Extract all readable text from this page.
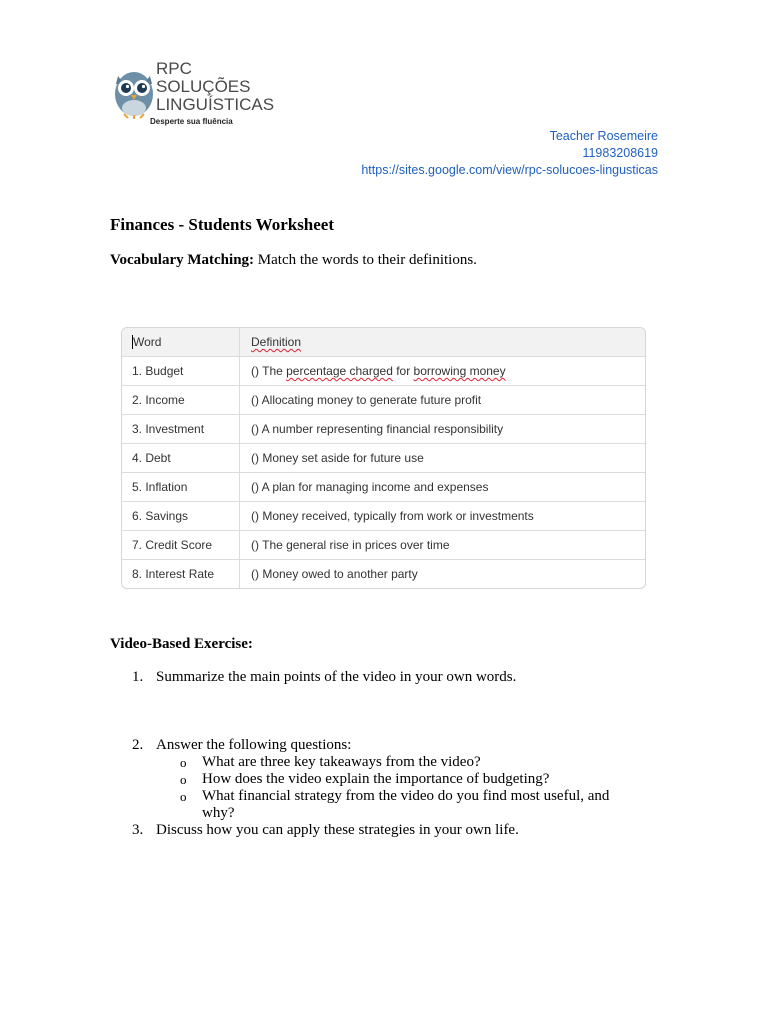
RPC
SOLUÇÕES
LINGUÍSTICAS
Desperte sua fluência
Teacher Rosemeire
11983208619
https://sites.google.com/view/rpc-solucoes-lingusticas
Finances - Students Worksheet
Vocabulary Matching: Match the words to their definitions.
Word	Definition
1. Budget	() The percentage charged for borrowing money
2. Income	() Allocating money to generate future profit
3. Investment	() A number representing financial responsibility
4. Debt	() Money set aside for future use
5. Inflation	() A plan for managing income and expenses
6. Savings	() Money received, typically from work or investments
7. Credit Score	() The general rise in prices over time
8. Interest Rate	() Money owed to another party
Video-Based Exercise:
1. Summarize the main points of the video in your own words.
2. Answer the following questions:
o What are three key takeaways from the video?
o How does the video explain the importance of budgeting?
o What financial strategy from the video do you find most useful, and why?
3. Discuss how you can apply these strategies in your own life.
